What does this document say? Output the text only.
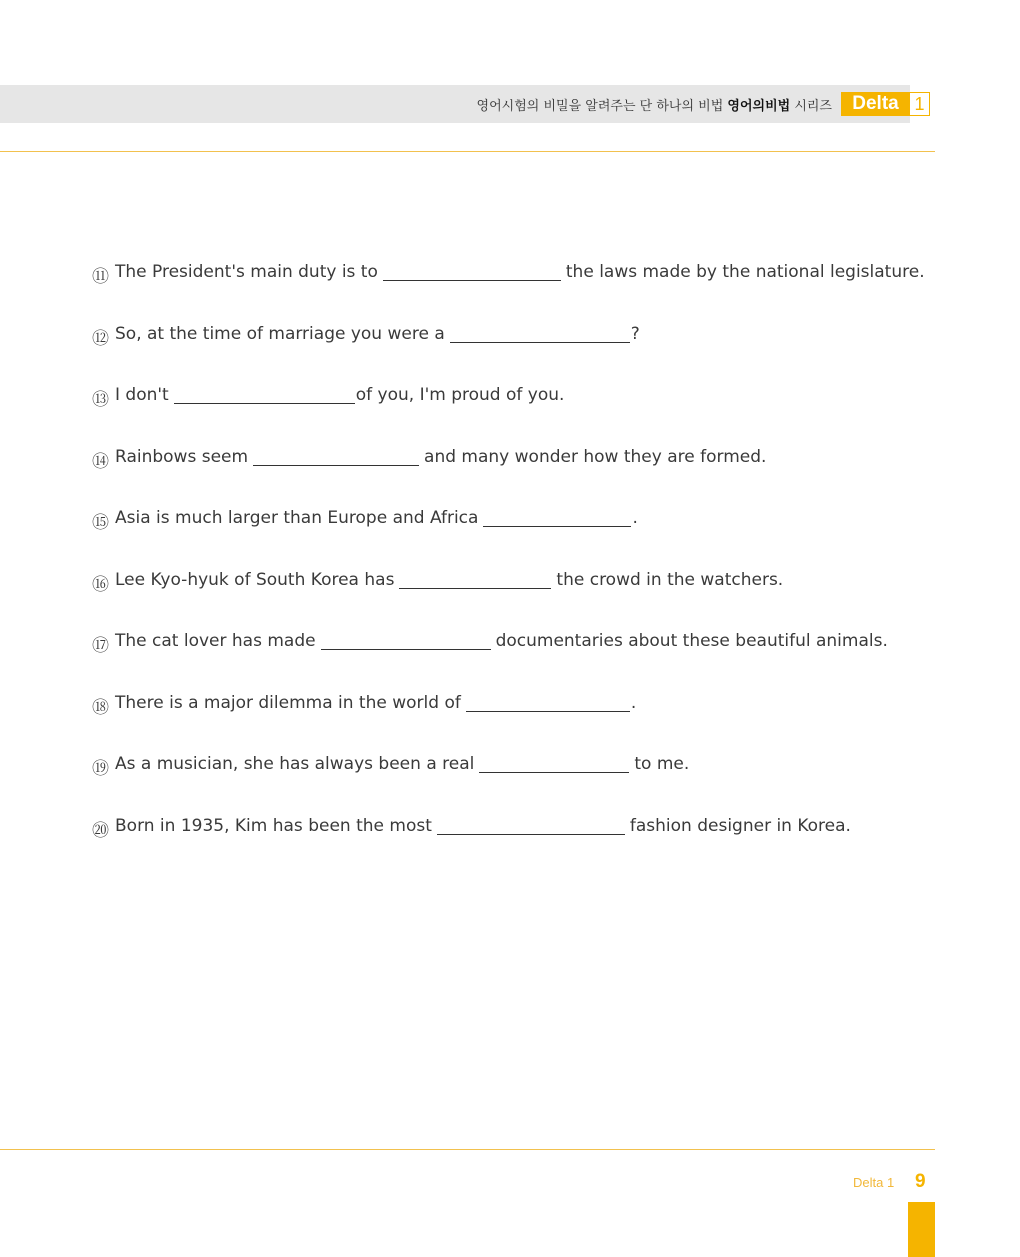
영어시험의 비밀을 알려주는 단 하나의 비법 영어의비법 시리즈	Delta 1
⑪ The President's main duty is to	the laws made by the national legislature.
⑫ So, at the time of marriage you were a	?
⑬ I don't	of you, I'm proud of you.
⑭ Rainbows seem	and many wonder how they are formed.
⑮ Asia is much larger than Europe and Africa	.
⑯ Lee Kyo-hyuk of South Korea has	the crowd in the watchers.
⑰ The cat lover has made	documentaries about these beautiful animals.
⑱ There is a major dilemma in the world of	.
⑲ As a musician, she has always been a real	to me.
⑳ Born in 1935, Kim has been the most	fashion designer in Korea.
Delta 1 9
